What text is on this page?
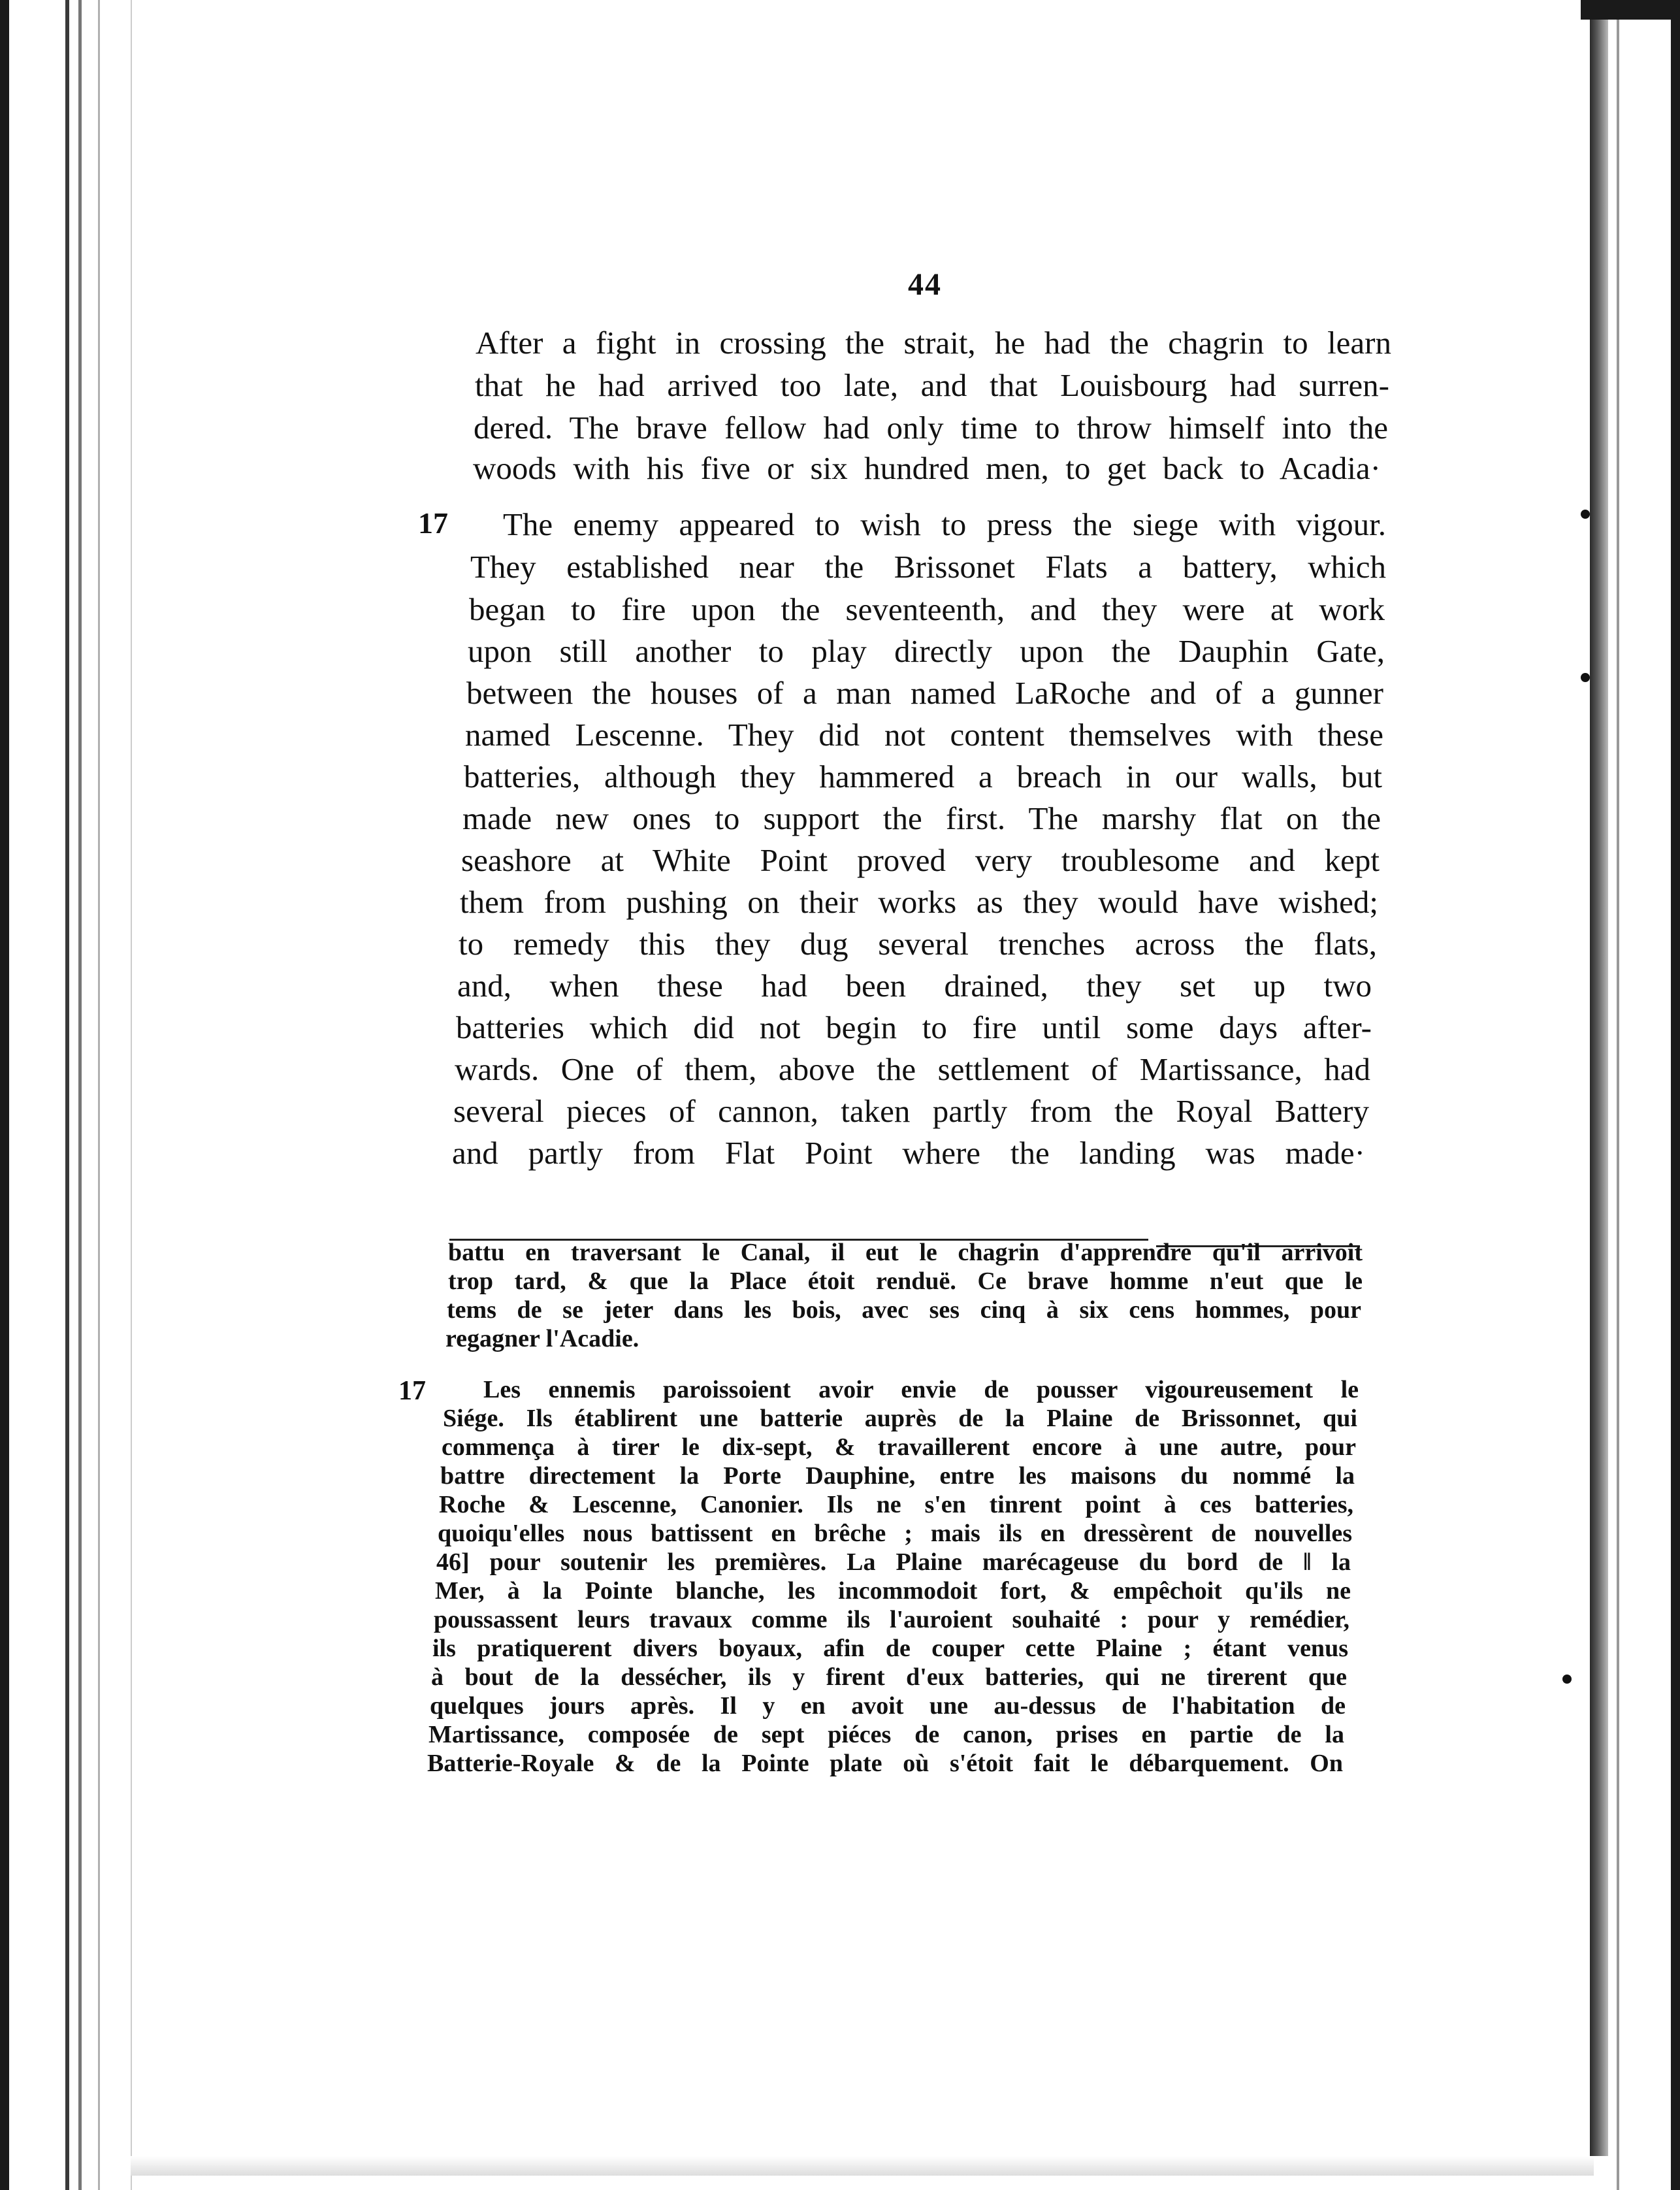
44
17
After a fight in crossing the strait, he had the chagrin to learn
that he had arrived too late, and that Louisbourg had surren-
dered. The brave fellow had only time to throw himself into the
woods with his five or six hundred men, to get back to Acadia·
The enemy appeared to wish to press the siege with vigour.
They established near the Brissonet Flats a battery, which
began to fire upon the seventeenth, and they were at work
upon still another to play directly upon the Dauphin Gate,
between the houses of a man named LaRoche and of a gunner
named Lescenne. They did not content themselves with these
batteries, although they hammered a breach in our walls, but
made new ones to support the first. The marshy flat on the
seashore at White Point proved very troublesome and kept
them from pushing on their works as they would have wished;
to remedy this they dug several trenches across the flats,
and, when these had been drained, they set up two
batteries which did not begin to fire until some days after-
wards. One of them, above the settlement of Martissance, had
several pieces of cannon, taken partly from the Royal Battery
and partly from Flat Point where the landing was made·
17
battu en traversant le Canal, il eut le chagrin d'apprendre qu'il arrivoit
trop tard, & que la Place étoit renduë. Ce brave homme n'eut que le
tems de se jeter dans les bois, avec ses cinq à six cens hommes, pour
regagner l'Acadie.
Les ennemis paroissoient avoir envie de pousser vigoureusement le
Siége. Ils établirent une batterie auprès de la Plaine de Brissonnet, qui
commença à tirer le dix-sept, & travaillerent encore à une autre, pour
battre directement la Porte Dauphine, entre les maisons du nommé la
Roche & Lescenne, Canonier. Ils ne s'en tinrent point à ces batteries,
quoiqu'elles nous battissent en brêche ; mais ils en dressèrent de nouvelles
46] pour soutenir les premières. La Plaine marécageuse du bord de ‖ la
Mer, à la Pointe blanche, les incommodoit fort, & empêchoit qu'ils ne
poussassent leurs travaux comme ils l'auroient souhaité : pour y remédier,
ils pratiquerent divers boyaux, afin de couper cette Plaine ; étant venus
à bout de la dessécher, ils y firent d'eux batteries, qui ne tirerent que
quelques jours après. Il y en avoit une au-dessus de l'habitation de
Martissance, composée de sept piéces de canon, prises en partie de la
Batterie-Royale & de la Pointe plate où s'étoit fait le débarquement. On
